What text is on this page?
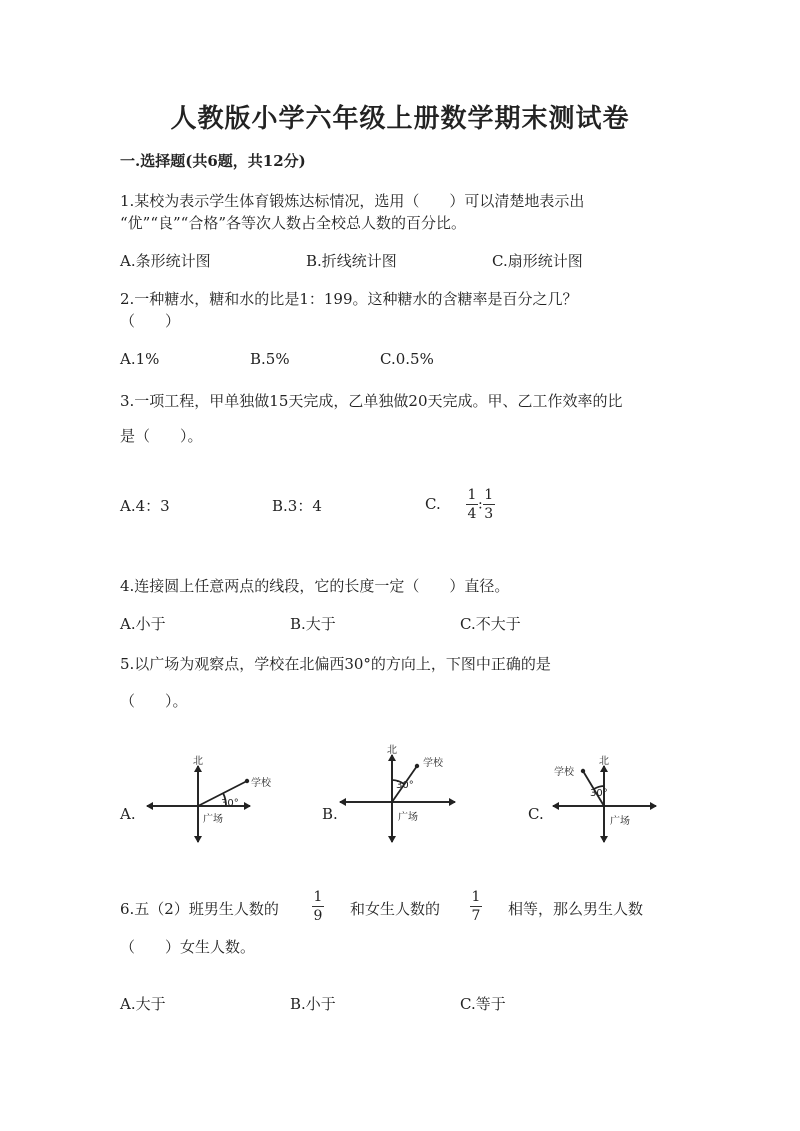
人教版小学六年级上册数学期末测试卷
一.选择题(共6题，共12分)
1.某校为表示学生体育锻炼达标情况，选用（　　）可以清楚地表示出
“优”“良”“合格”各等次人数占全校总人数的百分比。
A.条形统计图	B.折线统计图	C.扇形统计图
2.一种糖水，糖和水的比是1：199。这种糖水的含糖率是百分之几？
（　　）
A.1%	B.5%	C.0.5%
3.一项工程，甲单独做15天完成，乙单独做20天完成。甲、乙工作效率的比
是（　　）。
A.4：3	B.3：4	C. $\frac{1}{4}$ : $\frac{1}{3}$
4.连接圆上任意两点的线段，它的长度一定（　　）直径。
A.小于	B.大于	C.不大于
5.以广场为观察点，学校在北偏西30°的方向上，下图中正确的是
（　　）。
A.	B.	C.
北
学校
30°
广场
北
学校
30°
广场
北
学校
30°
广场
6.五（2）班男生人数的 $\frac{1}{9}$ 和女生人数的 $\frac{1}{7}$ 相等，那么男生人数
（　　）女生人数。
A.大于	B.小于	C.等于
